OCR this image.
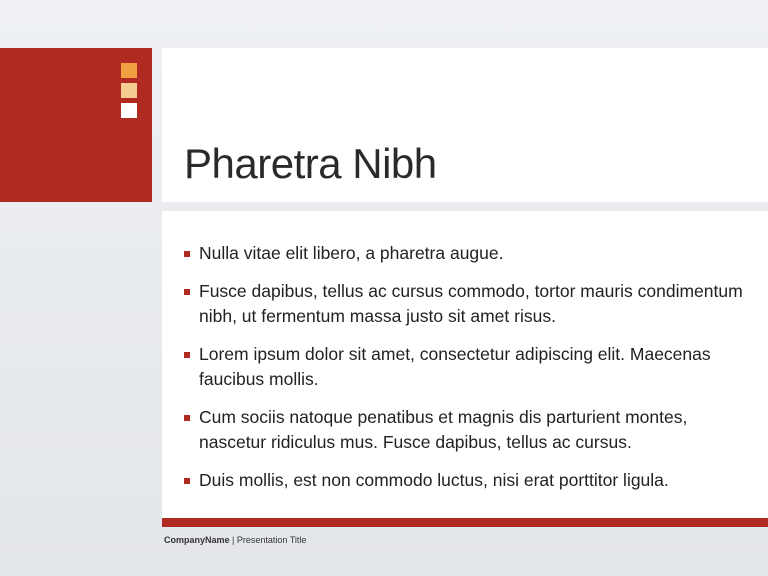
Pharetra Nibh
Nulla vitae elit libero, a pharetra augue.
Fusce dapibus, tellus ac cursus commodo, tortor mauris condimentum nibh, ut fermentum massa justo sit amet risus.
Lorem ipsum dolor sit amet, consectetur adipiscing elit. Maecenas faucibus mollis.
Cum sociis natoque penatibus et magnis dis parturient montes, nascetur ridiculus mus. Fusce dapibus, tellus ac cursus.
Duis mollis, est non commodo luctus, nisi erat porttitor ligula.
CompanyName | Presentation Title
